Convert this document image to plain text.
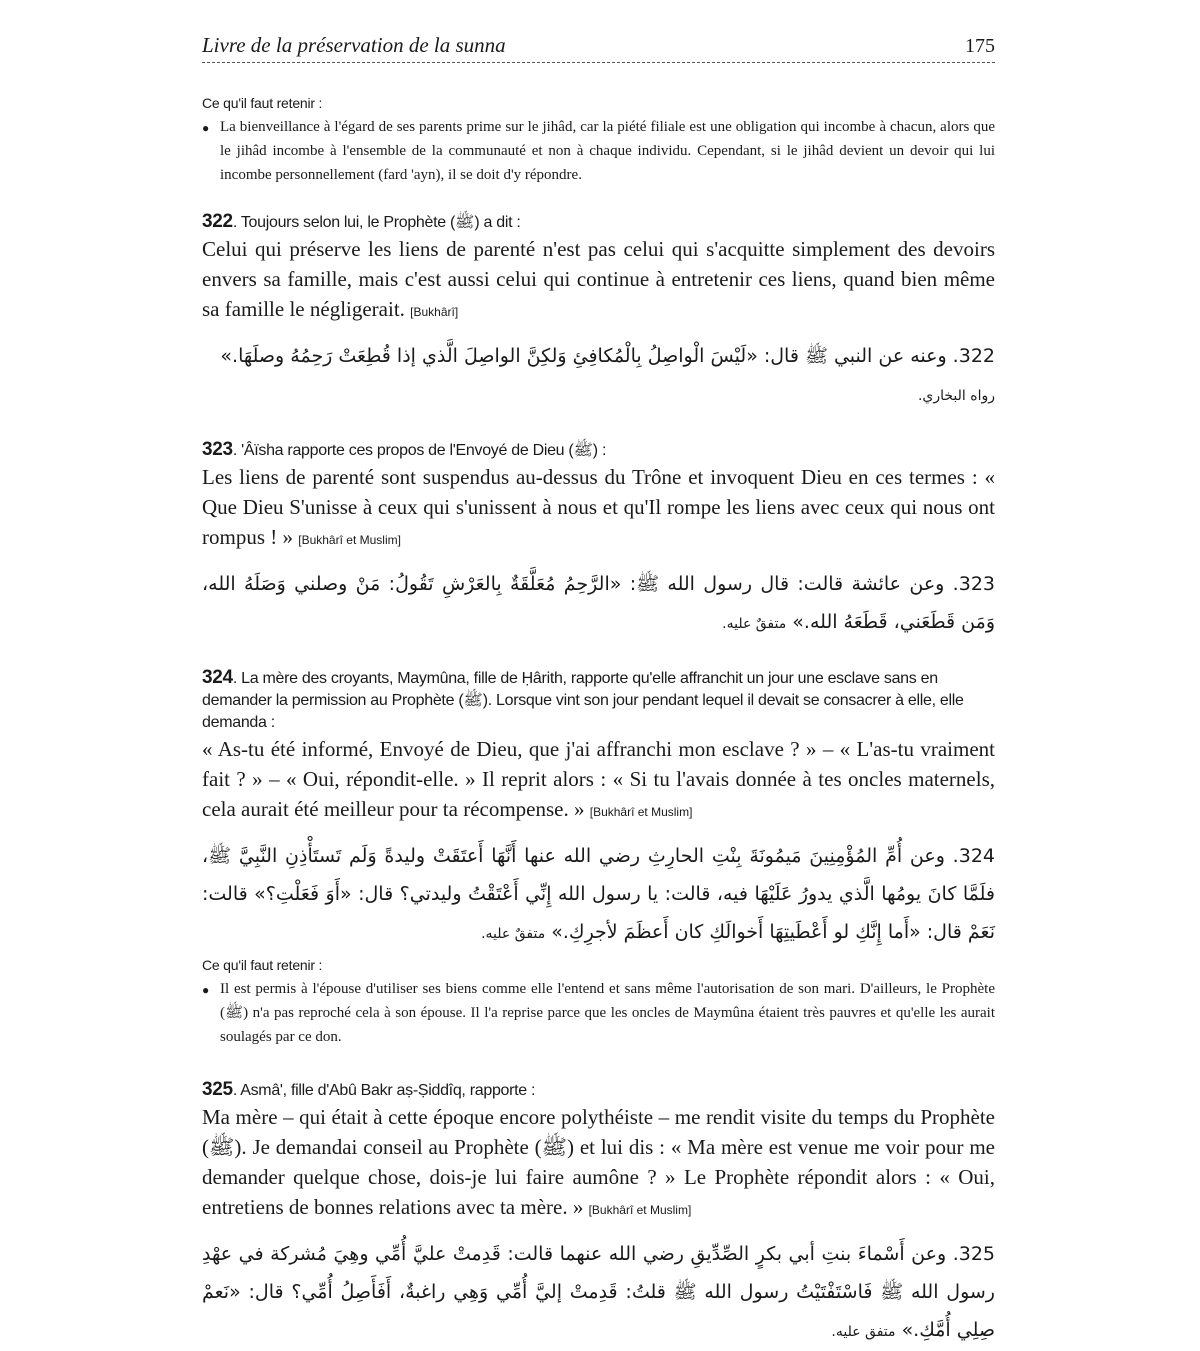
Livre de la préservation de la sunna	175
Ce qu'il faut retenir :
● La bienveillance à l'égard de ses parents prime sur le jihâd, car la piété filiale est une obligation qui incombe à chacun, alors que le jihâd incombe à l'ensemble de la communauté et non à chaque individu. Cependant, si le jihâd devient un devoir qui lui incombe personnellement (fard 'ayn), il se doit d'y répondre.
322. Toujours selon lui, le Prophète (ﷺ) a dit :
Celui qui préserve les liens de parenté n'est pas celui qui s'acquitte simplement des devoirs envers sa famille, mais c'est aussi celui qui continue à entretenir ces liens, quand bien même sa famille le négligerait. [Bukhârî]
322. وعنه عن النبي ﷺ قال: «لَيْسَ الْواصِلُ بِالْمُكافِئِ وَلكِنَّ الواصِلَ الَّذي إذا قُطِعَتْ رَحِمُهُ وصلَهَا.»
رواه البخاري.
323. 'Âïsha rapporte ces propos de l'Envoyé de Dieu (ﷺ) :
Les liens de parenté sont suspendus au-dessus du Trône et invoquent Dieu en ces termes : « Que Dieu S'unisse à ceux qui s'unissent à nous et qu'Il rompe les liens avec ceux qui nous ont rompus ! » [Bukhârî et Muslim]
323. وعن عائشة قالت: قال رسول الله ﷺ: «الرَّحِمُ مُعَلَّقَةٌ بِالعَرْشِ تَقُولُ: مَنْ وصلني وَصَلَهُ الله، وَمَن قَطَعَني، قَطَعَهُ الله.» متفقٌ عليه.
324. La mère des croyants, Maymûna, fille de Ḥârith, rapporte qu'elle affranchit un jour une esclave sans en demander la permission au Prophète (ﷺ). Lorsque vint son jour pendant lequel il devait se consacrer à elle, elle demanda :
« As-tu été informé, Envoyé de Dieu, que j'ai affranchi mon esclave ? » – « L'as-tu vraiment fait ? » – « Oui, répondit-elle. » Il reprit alors : « Si tu l'avais donnée à tes oncles maternels, cela aurait été meilleur pour ta récompense. » [Bukhârî et Muslim]
324. وعن أُمِّ المُؤْمِنِينَ مَيمُونَةَ بِنْتِ الحارِثِ رضي الله عنها أَنَّهَا أَعتَقَتْ وليدةً وَلَم تَستَأْذِنِ النَّبِيَّ ﷺ، فلَمَّا كانَ يومُها الَّذي يدورُ عَلَيْهَا فيه، قالت: يا رسول الله إِنِّي أَعْتَقْتُ وليدتي؟ قال: «أَوَ فَعَلْتِ؟» قالت: نَعَمْ قال: «أَما إِنَّكِ لو أَعْطَيتِهَا أَخوالَكِ كان أَعظَمَ لأجرِكِ.» متفقٌ عليه.
Ce qu'il faut retenir :
● Il est permis à l'épouse d'utiliser ses biens comme elle l'entend et sans même l'autorisation de son mari. D'ailleurs, le Prophète (ﷺ) n'a pas reproché cela à son épouse. Il l'a reprise parce que les oncles de Maymûna étaient très pauvres et qu'elle les aurait soulagés par ce don.
325. Asmâ', fille d'Abû Bakr aṣ-Ṣiddîq, rapporte :
Ma mère – qui était à cette époque encore polythéiste – me rendit visite du temps du Prophète (ﷺ). Je demandai conseil au Prophète (ﷺ) et lui dis : « Ma mère est venue me voir pour me demander quelque chose, dois-je lui faire aumône ? » Le Prophète répondit alors : « Oui, entretiens de bonnes relations avec ta mère. » [Bukhârî et Muslim]
325. وعن أَسْماءَ بنتِ أبي بكرٍ الصِّدِّيقِ رضي الله عنهما قالت: قَدِمتْ عليَّ أُمِّي وهِيَ مُشركة في عهْدِ رسول الله ﷺ فَاسْتَفْتَيْتُ رسول الله ﷺ قلتُ: قَدِمتْ إليَّ أُمِّي وَهِي راغبةٌ، أَفَأَصِلُ أُمِّي؟ قال: «نَعمْ صِلِي أُمَّكِ.» متفق عليه.
